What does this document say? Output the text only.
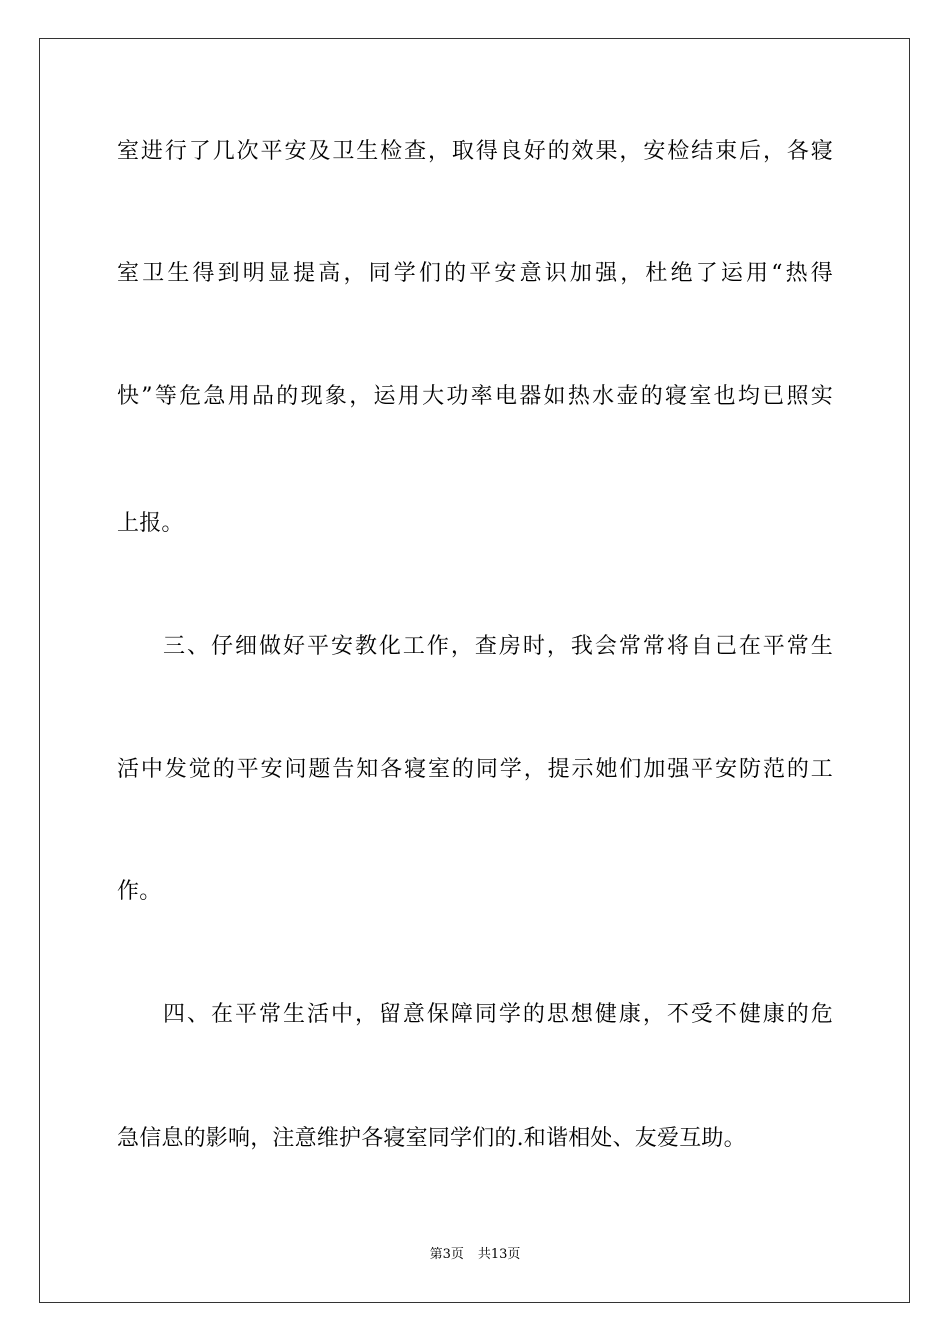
室进行了几次平安及卫生检查，取得良好的效果，安检结束后，各寝
室卫生得到明显提高，同学们的平安意识加强，杜绝了运用“热得
快”等危急用品的现象，运用大功率电器如热水壶的寝室也均已照实
上报。
三、仔细做好平安教化工作，查房时，我会常常将自己在平常生
活中发觉的平安问题告知各寝室的同学，提示她们加强平安防范的工
作。
四、在平常生活中，留意保障同学的思想健康，不受不健康的危
急信息的影响，注意维护各寝室同学们的.和谐相处、友爱互助。
第3页 共13页
